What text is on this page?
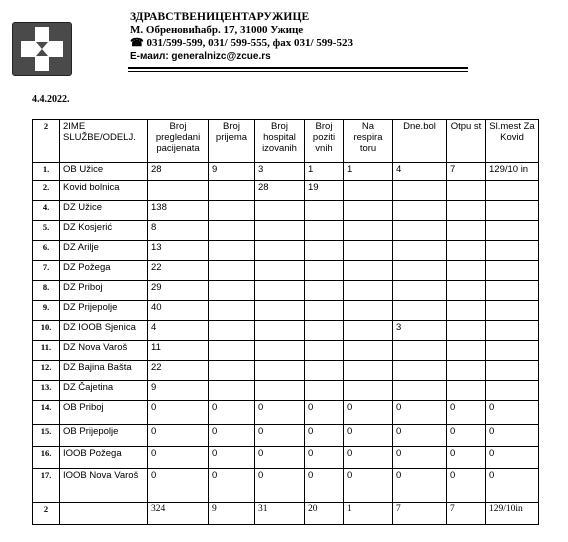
ЗДРАВСТВЕНИЦЕНТАРУЖИЦЕ
М. Обреновићабр. 17, 31000 Ужице
☎ 031/599-599, 031/ 599-555, фах 031/ 599-523
Е-маил: generalnizc@zcue.rs
4.4.2022.
2	2IME SLUŽBE/ODELJ.	Broj pregledani pacijenata	Broj priјema	Broj hospital izovanih	Broj poziti vnih	Na respira toru	Dne.bol	Otpu st	Sl.mest Za Kovid
1.	OB Užice	28	9	3	1	1	4	7	129/10 in
2.	Kovid bolnica			28	19				
4.	DZ Užice	138							
5.	DZ Kosjerić	8							
6.	DZ Arilje	13							
7.	DZ Požega	22							
8.	DZ Priboj	29							
9.	DZ Prijepolje	40							
10.	DZ IOOB Sjenica	4					3		
11.	DZ Nova Varoš	11							
12.	DZ Bajina Bašta	22							
13.	DZ Čajetina	9							
14.	OB Priboj	0	0	0	0	0	0	0	0
15.	OB Prijepolje	0	0	0	0	0	0	0	0
16.	IOOB Požega	0	0	0	0	0	0	0	0
17.	IOOB Nova Varoš	0	0	0	0	0	0	0	0
2		324	9	31	20	1	7	7	129/10in
